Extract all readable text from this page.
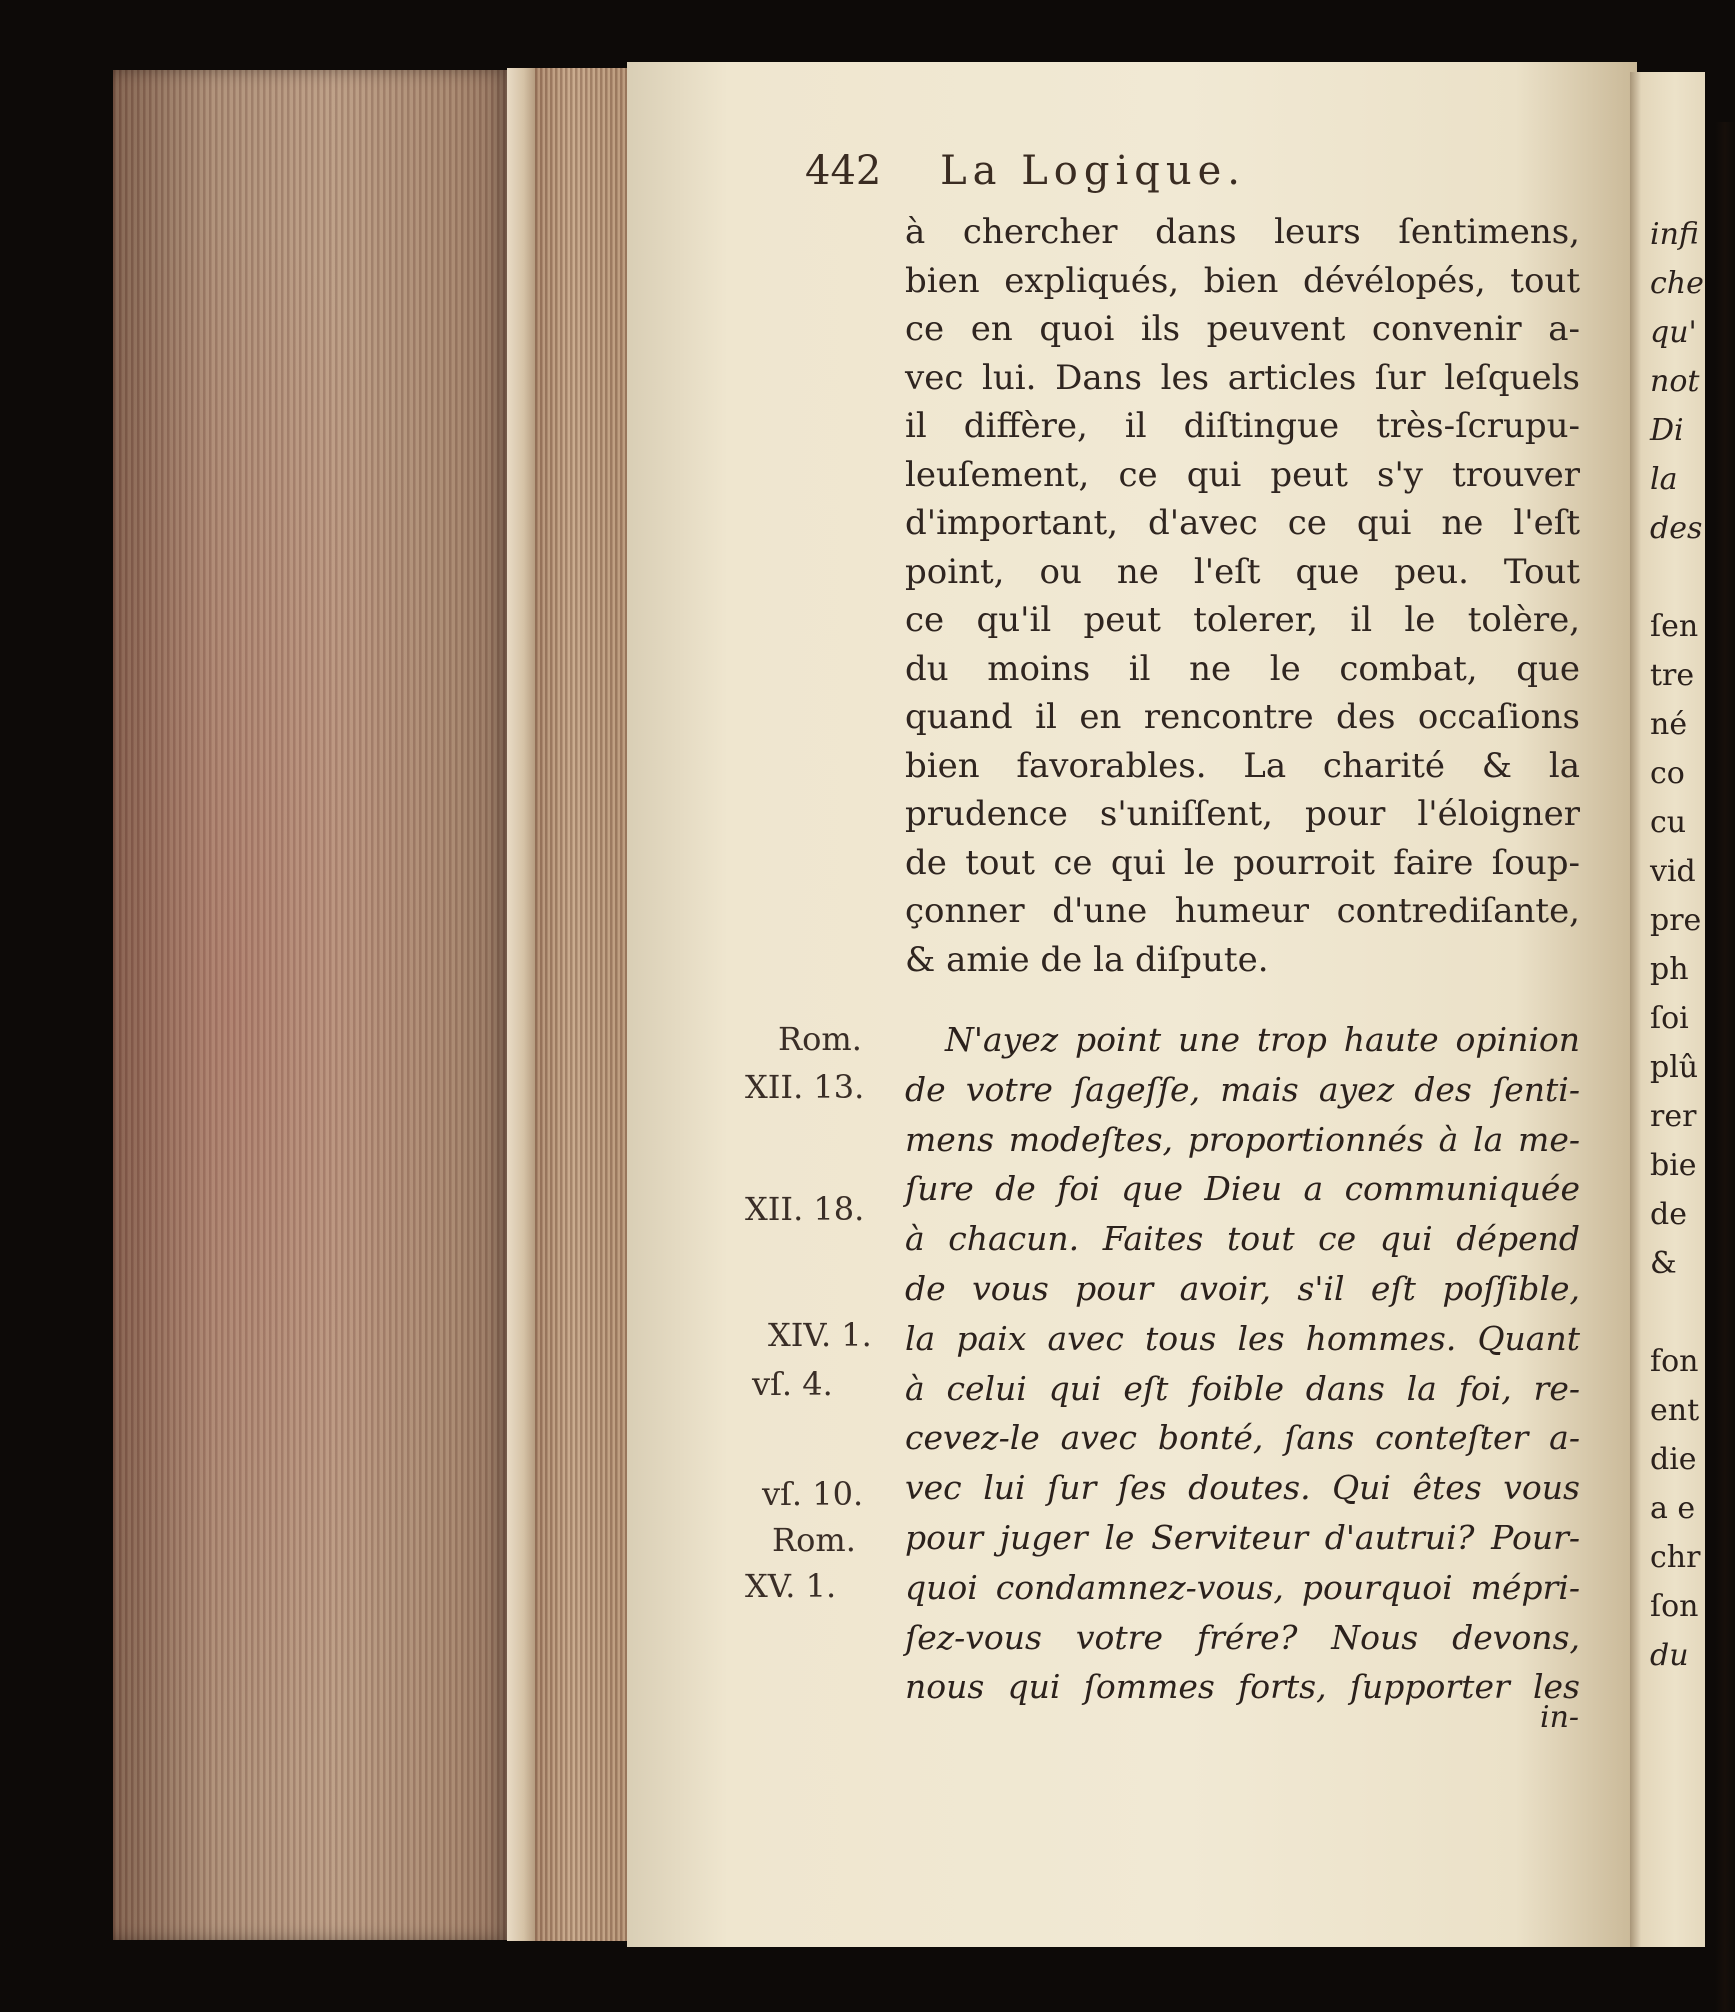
442 La Logique.
à chercher dans leurs ſentimens,
bien expliqués, bien dévélopés, tout
ce en quoi ils peuvent convenir a-
vec lui. Dans les articles ſur leſquels
il diffère, il diſtingue très-ſcrupu-
leuſement, ce qui peut s'y trouver
d'important, d'avec ce qui ne l'eſt
point, ou ne l'eſt que peu. Tout
ce qu'il peut tolerer, il le tolère,
du moins il ne le combat, que
quand il en rencontre des occaſions
bien favorables. La charité & la
prudence s'uniſſent, pour l'éloigner
de tout ce qui le pourroit faire ſoup-
çonner d'une humeur contrediſante,
& amie de la diſpute.
N'ayez point une trop haute opinion
de votre ſageſſe, mais ayez des ſenti-
mens modeſtes, proportionnés à la me-
ſure de foi que Dieu a communiquée
à chacun. Faites tout ce qui dépend
de vous pour avoir, s'il eſt poſſible,
la paix avec tous les hommes. Quant
à celui qui eſt foible dans la foi, re-
cevez-le avec bonté, ſans conteſter a-
vec lui ſur ſes doutes. Qui êtes vous
pour juger le Serviteur d'autrui? Pour-
quoi condamnez-vous, pourquoi mépri-
ſez-vous votre frére? Nous devons,
nous qui ſommes forts, ſupporter les
in-
Rom.
XII. 13.
XII. 18.
XIV. 1.
vſ. 4.
vſ. 10.
Rom.
XV. 1.
infi
che
qu'
not
Di
la
des
ſen
tre
né
co
cu
vid
pre
ph
ſoi
plû
rer
bie
de
&
fon
ent
die
a e
chr
ſon
du
